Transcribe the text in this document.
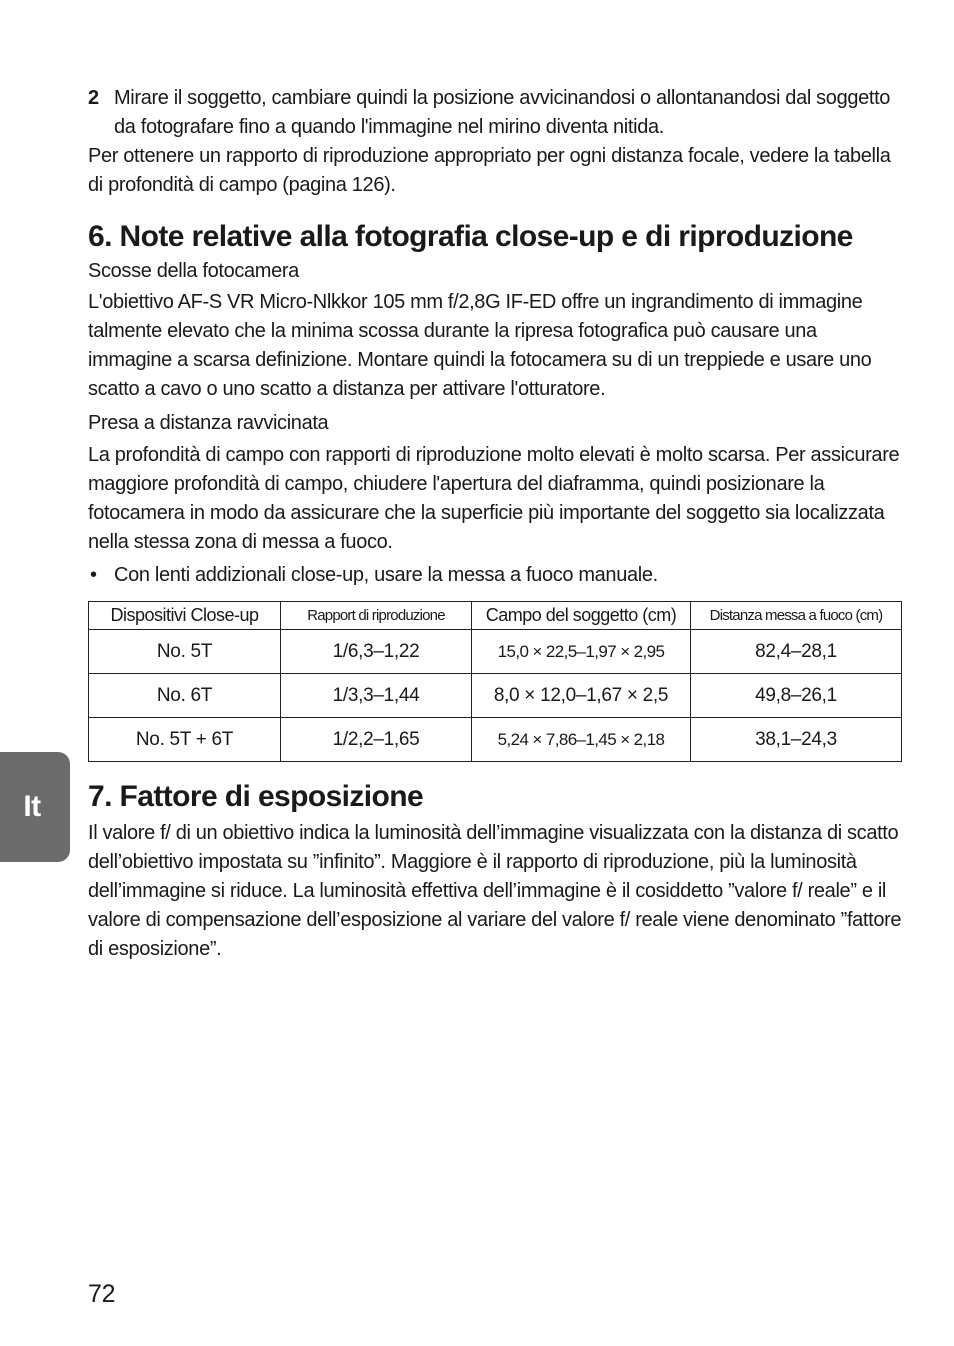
2 Mirare il soggetto, cambiare quindi la posizione avvicinandosi o allontanandosi dal soggetto da fotografare fino a quando l'immagine nel mirino diventa nitida.

Per ottenere un rapporto di riproduzione appropriato per ogni distanza focale, vedere la tabella di profondità di campo (pagina 126).

6. Note relative alla fotografia close-up e di riproduzione
Scosse della fotocamera

L'obiettivo AF-S VR Micro-Nlkkor 105 mm f/2,8G IF-ED offre un ingrandimento di immagine talmente elevato che la minima scossa durante la ripresa fotografica può causare una immagine a scarsa definizione. Montare quindi la fotocamera su di un treppiede e usare uno scatto a cavo o uno scatto a distanza per attivare l'otturatore.

Presa a distanza ravvicinata

La profondità di campo con rapporti di riproduzione molto elevati è molto scarsa. Per assicurare maggiore profondità di campo, chiudere l'apertura del diaframma, quindi posizionare la fotocamera in modo da assicurare che la superficie più importante del soggetto sia localizzata nella stessa zona di messa a fuoco.

• Con lenti addizionali close-up, usare la messa a fuoco manuale.
Dispositivi Close-up	Rapport di riproduzione	Campo del soggetto (cm)	Distanza messa a fuoco (cm)
No. 5T	1/6,3–1,22	15,0 × 22,5–1,97 × 2,95	82,4–28,1
No. 6T	1/3,3–1,44	8,0 × 12,0–1,67 × 2,5	49,8–26,1
No. 5T + 6T	1/2,2–1,65	5,24 × 7,86–1,45 × 2,18	38,1–24,3
7. Fattore di esposizione

Il valore f/ di un obiettivo indica la luminosità dell’immagine visualizzata con la distanza di scatto dell’obiettivo impostata su ”infinito”. Maggiore è il rapporto di riproduzione, più la luminosità dell’immagine si riduce. La luminosità effettiva dell’immagine è il cosiddetto ”valore f/ reale” e il valore di compensazione dell’esposizione al variare del valore f/ reale viene denominato ”fattore di esposizione”.

It
72
